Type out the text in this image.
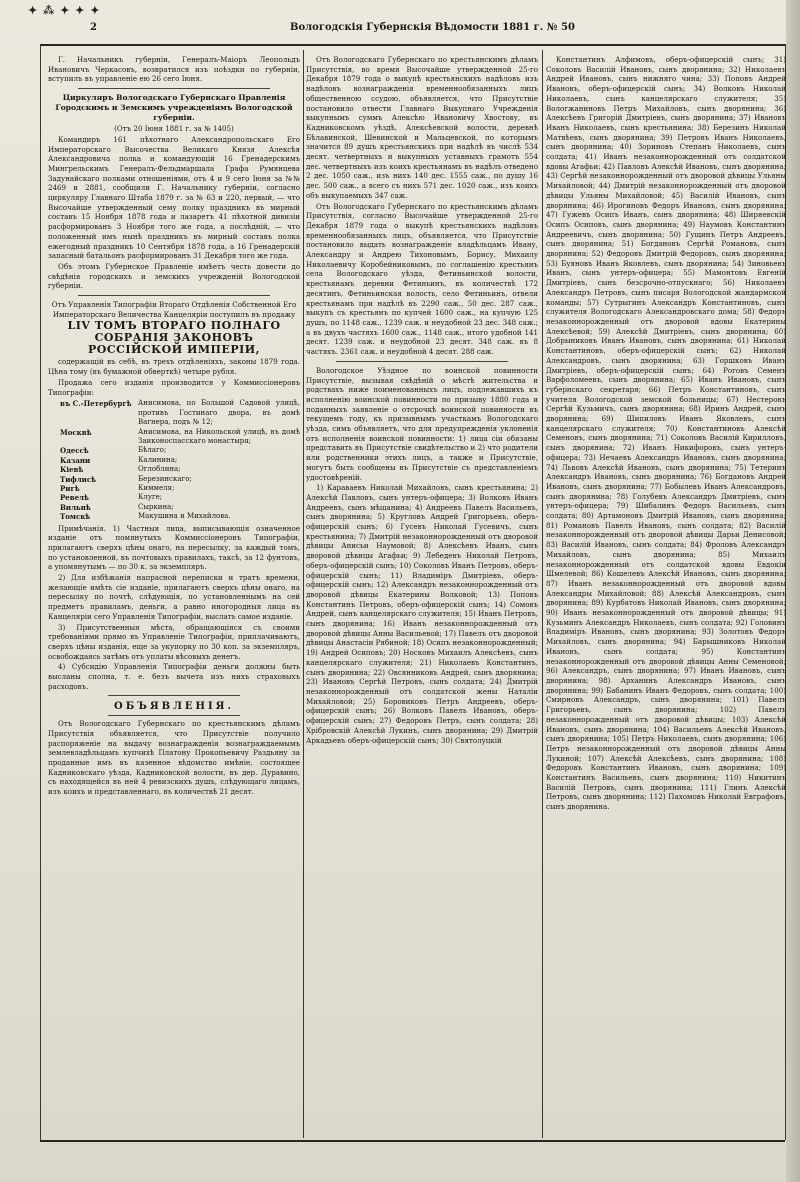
✦ ⁂ ✦ ✦ ✦
2	Вологодскія Губернскія Вѣдомости 1881 г. № 50

Г. Начальникъ губерніи, Генералъ-Маіоръ Леопольдъ Ивановичъ Черкасовъ, возвратился изъ поѣздки по губерніи, вступилъ въ управленіе ею 26 сего Іюня.

Циркуляръ Вологодскаго Губернскаго Правленія Городскимъ и Земскимъ учрежденіямъ Вологодской губерніи.

(Отъ 20 Іюня 1881 г. за № 1405)

Командиръ 161 пѣхотнаго Александропольскаго Его Императорскаго Высочества Великаго Князя Алексѣя Александровича полка и командующій 16 Гренадерскимъ Мингрельскимъ Генералъ-Фельдмаршала Графа Румянцева Задунайскаго полками отношеніями, отъ 4 и 9 сего Іюня за №№ 2469 и 2881, сообщили Г. Начальнику губерніи, согласно циркуляру Главнаго Штаба 1879 г. за № 63 и 220, первый, — что Высочайше утвержденный сему полку праздникъ въ мирный составъ 15 Ноября 1878 года и лазаретъ 41 пѣхотной дивизіи расформированъ 3 Ноября того же года, а послѣдній, — что положенный имъ нынѣ праздникъ въ мирный составъ полка ежегодный праздникъ 10 Сентября 1878 года, а 16 Гренадерскій запасный батальонъ расформированъ 31 Декабря того же года.

Объ этомъ Губернское Правленіе имѣетъ честь довести до свѣдѣнія городскихъ и земскихъ учрежденій Вологодской губерніи.

Отъ Управленія Типографіи Втораго Отдѣленія Собственной Его Императорскаго Величества Канцеляріи поступилъ въ продажу

LIV ТОМЪ ВТОРАГО ПОЛНАГО СОБРАНІЯ ЗАКОНОВЪ РОССІЙСКОЙ ИМПЕРІИ,

содержащій въ себѣ, въ трехъ отдѣленіяхъ, законы 1879 года. Цѣна тому (въ бумажной обверткѣ) четыре рубля.

Продажа сего изданія производится у Коммиссіонеровъ Типографіи:

въ С.-Петербургѣ Анисимова, по Большой Садовой улицѣ, противъ Гостинаго двора, въ домѣ Вагнера, подъ № 12;
Москвѣ	Анисимова, на Никольской улицѣ, въ домѣ Заиконоспасскаго монастыря;
Одессѣ	Бѣлаго;
Казани	Калинина;
Кіевѣ	Оглоблина;
Тифлисѣ	Березинскаго;
Ригѣ	Киммеля;
Ревелѣ	Клуге;
Вильнѣ	Сыркина;
Томскѣ	Макушина и Михайлова.

Примѣчанія. 1) Частныя лица, выписывающія означенное изданіе отъ помянутыхъ Коммиссіонеровъ Типографіи, прилагаютъ сверхъ цѣны онаго, на пересылку, за каждый томъ, по установленной, въ почтовыхъ правилахъ, таксѣ, за 12 фунтовъ, а упомянутымъ — по 30 к. за экземпляръ.

2) Для избѣжанія напрасной переписки и тратъ времени, желающіе имѣть сіе изданіе, прилагаютъ сверхъ цѣны онаго, на пересылку по почтѣ, слѣдующія, по установленнымъ на сей предметъ правиламъ, деньги, а равно иногородныя лица въ Канцеляріи сего Управленія Типографіи, выслать самое изданіе.

3) Присутственныя мѣста, обращающіяся съ своими требованіями прямо въ Управленіе Типографіи, приплачиваютъ, сверхъ цѣны изданія, еще за укупорку по 30 коп. за экземпляръ, освобождаясь затѣмъ отъ уплаты вѣсовыхъ денегъ.

4) Субсидію Управленія Типографіи деньги должны быть высланы сполна, т. е. безъ вычета изъ нихъ страховыхъ расходовъ.

ОБЪЯВЛЕНІЯ.

Отъ Вологодскаго Губернскаго по крестьянскимъ дѣламъ Присутствія объявляется, что Присутствіе получило распоряженіе на выдачу вознагражденія вознаграждаемымъ землевладѣльцамъ купчихѣ Платону Прокопьевичу Раздьяну за проданные имъ въ казенное вѣдомство имѣніе, состоящее Кадниковскаго уѣзда, Кадниковской волости, въ дер. Дуравино, съ находящейся въ ней 4 ревизскихъ душъ, слѣдующаго лицамъ, изъ коихъ и представленнаго, въ количествѣ 21 десят.

Отъ Вологодскаго Губернскаго по крестьянскимъ дѣламъ Присутствія, во время Высочайше утвержденной 25-го Декабря 1879 года о выкупѣ крестьянскихъ надѣловъ изъ надѣловъ вознагражденія временнообязанныхъ лицъ общественною ссудою, объявляется, что Присутствіе постановило отвести Главнаго Выкупнаго Учрежденія выкупнымъ суммъ Алексѣю Ивановичу Хвостову, въ Кадниковскомъ уѣздѣ, Алексѣевской волости, деревнѣ Бѣлавинской, Шевинской и Мальцевской, по которымъ значится 89 душъ крестьянскихъ при надѣлѣ въ числѣ 534 десят. четвертныхъ и выкупныхъ уставныхъ грамотъ 554 дес. четвертныхъ изъ коихъ крестьянамъ въ надѣлъ отведено 2 дес. 1050 саж., изъ нихъ 140 дес. 1555 саж., по душу 16 дес. 500 саж., а всего съ нихъ 571 дес. 1020 саж., изъ коихъ объ выкупаемыхъ 347 саж.

Отъ Вологодскаго Губернскаго по крестьянскимъ дѣламъ Присутствія, согласно Высочайше утвержденной 25-го Декабря 1879 года о выкупѣ крестьянскихъ надѣловъ временнообязанныхъ лицъ, объявляется, что Присутствіе постановило выдать вознагражденіе владѣльцамъ Ивану, Александру и Андрею Тихоновымъ, Борису, Михаилу Николаевичу Коробейниковымъ, по соглашенію крестьянъ села Вологодскаго уѣзда, Фетиньинской волости, крестьянамъ деревни Фетиньинъ, въ количествѣ 172 десятинъ, Фетиньинская волость, село Фетиньинъ, отвели крестьянамъ при надѣлѣ въ 2290 саж., 50 дес. 287 саж., выкупъ съ крестьянъ по купчей 1600 саж., на купчую 125 душъ, по 1148 саж., 1239 саж. и неудобной 23 дес. 348 саж.; а въ двухъ частяхъ 1600 саж., 1148 саж., итого удобной 141 десят. 1239 саж. и неудобной 23 десят. 348 саж. въ 8 частяхъ. 2361 саж. и неудобной 4 десят. 288 саж.

Вологодское Уѣздное по воинской повинности Присутствіе, вызывая свѣдѣній о мѣстѣ жительства и родствахъ ниже поименованныхъ лицъ, подлежавшихъ къ исполненію воинской повинности по призыву 1880 года и поданныхъ заявленіе о отсрочкѣ воинской повинности въ текущемъ году, къ призывнымъ участкамъ Вологодскаго уѣзда, симъ объявляетъ, что для предупрежденія уклоненія отъ исполненія воинской повинности: 1) лица сіи обязаны представить въ Присутствіе свидѣтельство и 2) что родители или родственники этихъ лицъ, а также и Присутствіе, могутъ быть сообщены въ Присутствіе съ представленіемъ удостовѣреній.

1) Караваевъ Николай Михайловъ, сынъ крестьянина; 2) Алексѣй Павловъ, сынъ унтеръ-офицера; 3) Волковъ Иванъ Андреевъ, сынъ мѣщанина; 4) Андреевъ Павелъ Васильевъ, сынъ дворянина; 5) Кругловъ Андрей Григорьевъ, оберъ-офицерскій сынъ; 6) Гусевъ Николай Гусевичъ, сынъ крестьянина; 7) Дмитрій незаконнорожденный отъ дворовой дѣвицы Анисьи Наумовой; 8) Алексѣевъ Иванъ, сынъ дворовой дѣвицы Агафьи; 9) Лебедевъ Николай Петровъ, оберъ-офицерскій сынъ; 10) Соколовъ Иванъ Петровъ, оберъ-офицерскій сынъ; 11) Владиміръ Дмитріевъ, оберъ-офицерскій сынъ; 12) Александръ незаконнорожденный отъ дворовой дѣвицы Екатерины Волковой; 13) Поповъ Константинъ Петровъ, оберъ-офицерскій сынъ; 14) Сомовъ Андрей, сынъ канцелярскаго служителя; 15) Иванъ Петровъ, сынъ дворянина; 16) Иванъ незаконнорожденный отъ дворовой дѣвицы Анны Васильевой; 17) Павелъ отъ дворовой дѣвицы Анастасіи Рябиной; 18) Осипъ незаконнорожденный; 19) Андрей Осиповъ; 20) Носковъ Михаилъ Алексѣевъ, сынъ канцелярскаго служителя; 21) Николаевъ Константинъ, сынъ дворянина; 22) Овсянниковъ Андрей, сынъ дворянина; 23) Ивановъ Сергѣй Петровъ, сынъ солдата; 24) Дмитрій незаконнорожденный отъ солдатской жены Наталіи Михайловой; 25) Боровиковъ Петръ Андреевъ, оберъ-офицерскій сынъ; 26) Волковъ Павелъ Ивановъ, оберъ-офицерскій сынъ; 27) Федоровъ Петръ, сынъ солдата; 28) Хрібровскій Алексѣй Лукинъ, сынъ дворянина; 29) Дмитрій Аркадьевъ оберъ-офицерскій сынъ; 30) Святолуцкій

Константинъ Алфимовъ, оберъ-офицерскій сынъ; 31) Соколовъ Василій Ивановъ, сынъ дворянина; 32) Николаевъ Андрей Ивановъ, сынъ нижняго чина; 33) Поповъ Андрей Ивановъ, оберъ-офицерскій сынъ; 34) Волковъ Николай Николаевъ, сынъ канцелярскаго служителя; 35) Вологжаниновъ Петръ Михайловъ, сынъ дворянина; 36) Алексѣевъ Григорій Дмитріевъ, сынъ дворянина; 37) Ивановъ Иванъ Николаевъ, сынъ крестьянина; 38) Березинъ Николай Матвѣевъ, сынъ дворянина; 39) Петровъ Иванъ Николаевъ, сынъ дворянина; 40) Зориновъ Степанъ Николаевъ, сынъ солдата; 41) Иванъ незаконнорожденный отъ солдатской вдовы Агафьи; 42) Павловъ Алексѣй Ивановъ, сынъ дворянина; 43) Сергѣй незаконнорожденный отъ дворовой дѣвицы Ульяны Михайловой; 44) Дмитрій незаконнорожденный отъ дворовой дѣвицы Ульяны Михайловой; 45) Василій Ивановъ, сынъ дворянина; 46) Ирогиновъ Федоръ Ивановъ, сынъ дворянина; 47) Гужевъ Осипъ Иванъ, сынъ дворянина; 48) Ширяевскій Осипъ Осиповъ, сынъ дворянина; 49) Наумовъ Константинъ Андреевичъ, сынъ дворянина; 50) Гущинъ Петръ Андреевъ, сынъ дворянина; 51) Богдановъ Сергѣй Романовъ, сынъ дворянина; 52) Федоровъ Дмитрій Федоровъ, сынъ дворянина; 53) Буяновъ Иванъ Яковлевъ, сынъ дворянина; 54) Зиновьевъ Иванъ, сынъ унтеръ-офицера; 55) Мамонтовъ Евгеній Дмитріевъ, сынъ безсрочно-отпускнаго; 56) Николаевъ Александръ Петровъ, сынъ писаря Вологодской жандармской команды; 57) Сутрыгинъ Александръ Константиновъ, сынъ служителя Вологодскаго Александровскаго дома; 58) Федоръ незаконнорожденный отъ дворовой вдовы Екатерины Алексѣевой; 59) Алексѣй Дмитріевъ, сынъ дворянина; 60) Добрыниковъ Иванъ Ивановъ, сынъ дворянина; 61) Николай Константиновъ, оберъ-офицерскій сынъ; 62) Николай Александровъ, сынъ дворянина; 63) Горшковъ Иванъ Дмитріевъ, оберъ-офицерскій сынъ; 64) Роговъ Семенъ Варфоломеевъ, сынъ дворянина; 65) Иванъ Ивановъ, сынъ губернскаго секретаря; 66) Петръ Константиновъ, сынъ учителя Вологодской земской больницы; 67) Нестеровъ Сергѣй Кузьмичъ, сынъ дворянина; 68) Иринъ Андрей, сынъ дворянина; 69) Шипиловъ Иванъ Яковлевъ, сынъ канцелярскаго служителя; 70) Константиновъ Алексѣй Семеновъ, сынъ дворянина; 71) Соколовъ Василій Кирилловъ, сынъ дворянина; 72) Иванъ Никифоровъ, сынъ унтеръ-офицера; 73) Нечаевъ Александръ Ивановъ, сынъ дворянина; 74) Львовъ Алексѣй Ивановъ, сынъ дворянина; 75) Тетеринъ Александръ Ивановъ, сынъ дворянина; 76) Богдановъ Андрей Ивановъ, сынъ дворянина; 77) Бобылевъ Иванъ Александровъ, сынъ дворянина; 78) Голубевъ Александръ Дмитріевъ, сынъ унтеръ-офицера; 79) Шибалинъ Федоръ Васильевъ, сынъ солдата; 80) Артамоновъ Дмитрій Ивановъ, сынъ дворянина; 81) Романовъ Павелъ Ивановъ, сынъ солдата; 82) Василій незаконнорожденный отъ дворовой дѣвицы Дарьи Денисовой; 83) Василій Ивановъ, сынъ солдата; 84) Фроловъ Александръ Михайловъ, сынъ дворянина; 85) Михаилъ незаконнорожденный отъ солдатской вдовы Евдокіи Шмелевой; 86) Кошелевъ Алексѣй Ивановъ, сынъ дворянина; 87) Иванъ незаконнорожденный отъ дворовой вдовы Александры Михайловой; 88) Алексѣй Александровъ, сынъ дворянина; 89) Курбатовъ Николай Ивановъ, сынъ дворянина; 90) Иванъ незаконнорожденный отъ дворовой дѣвицы; 91) Кузьминъ Александръ Николаевъ, сынъ солдата; 92) Головинъ Владиміръ Ивановъ, сынъ дворянина; 93) Золотовъ Федоръ Михайловъ, сынъ дворянина; 94) Барышниковъ Николай Ивановъ, сынъ солдата; 95) Константинъ незаконнорожденный отъ дворовой дѣвицы Анны Семеновой; 96) Александръ, сынъ дворянина; 97) Иванъ Ивановъ, сынъ дворянина; 98) Арханинъ Александръ Ивановъ, сынъ дворянина; 99) Бабанинъ Иванъ Федоровъ, сынъ солдата; 100) Смирновъ Александръ, сынъ дворянина; 101) Павелъ Григорьевъ, сынъ дворянина; 102) Павелъ незаконнорожденный отъ дворовой дѣвицы; 103) Алексѣй Ивановъ, сынъ дворянина; 104) Васильевъ Алексѣй Ивановъ, сынъ дворянина; 105) Петръ Николаевъ, сынъ дворянина; 106) Петръ незаконнорожденный отъ дворовой дѣвицы Анны Лукиной; 107) Алексѣй Алексѣевъ, сынъ дворянина; 108) Федоровъ Константинъ Ивановъ, сынъ дворянина; 109) Константинъ Васильевъ, сынъ дворянина; 110) Никитинъ Василій Петровъ, сынъ дворянина; 111) Глинъ Алексѣй Петровъ, сынъ дворянина; 112) Пахомовъ Николай Евграфовъ, сынъ дворянина.
